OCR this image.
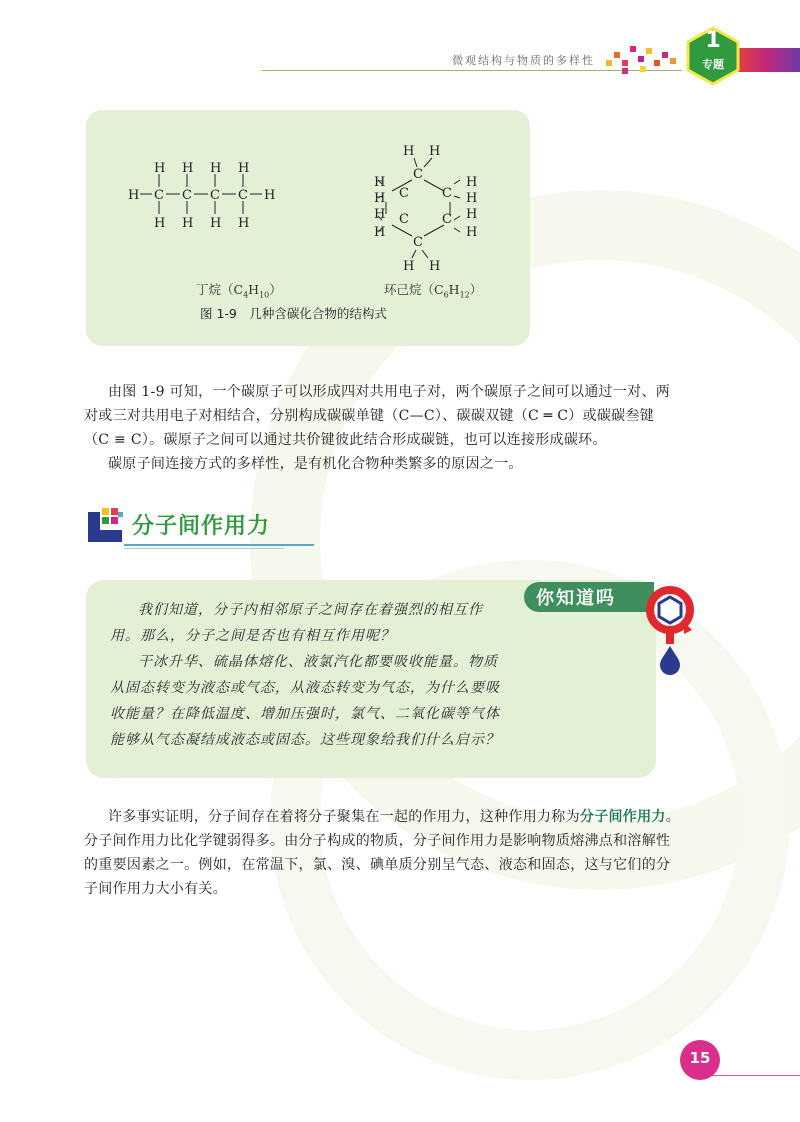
微观结构与物质的多样性
1
专题
H H H H
H C C C C H
H H H H
H H
C
H
C
H	C
H
H
H C
H
C H
H
C
H H
丁烷$(C_4H_{10})$	环己烷$(C_6H_{12})$
图 1-9　几种含碳化合物的结构式
由图 1-9 可知，一个碳原子可以形成四对共用电子对，两个碳原子之间可以通过一对、两
对或三对共用电子对相结合，分别构成碳碳单键（C—C）、碳碳双键（C ═ C）或碳碳叁键
（C ≡ C）。碳原子之间可以通过共价键彼此结合形成碳链，也可以连接形成碳环。
碳原子间连接方式的多样性，是有机化合物种类繁多的原因之一。
分子间作用力
你知道吗
我们知道，分子内相邻原子之间存在着强烈的相互作
用。那么，分子之间是否也有相互作用呢？
干冰升华、硫晶体熔化、液氯汽化都要吸收能量。物质
从固态转变为液态或气态，从液态转变为气态，为什么要吸
收能量？在降低温度、增加压强时，氯气、二氧化碳等气体
能够从气态凝结成液态或固态。这些现象给我们什么启示？
许多事实证明，分子间存在着将分子聚集在一起的作用力，这种作用力称为分子间作用力。
分子间作用力比化学键弱得多。由分子构成的物质，分子间作用力是影响物质熔沸点和溶解性
的重要因素之一。例如，在常温下，氯、溴、碘单质分别呈气态、液态和固态，这与它们的分
子间作用力大小有关。
15
